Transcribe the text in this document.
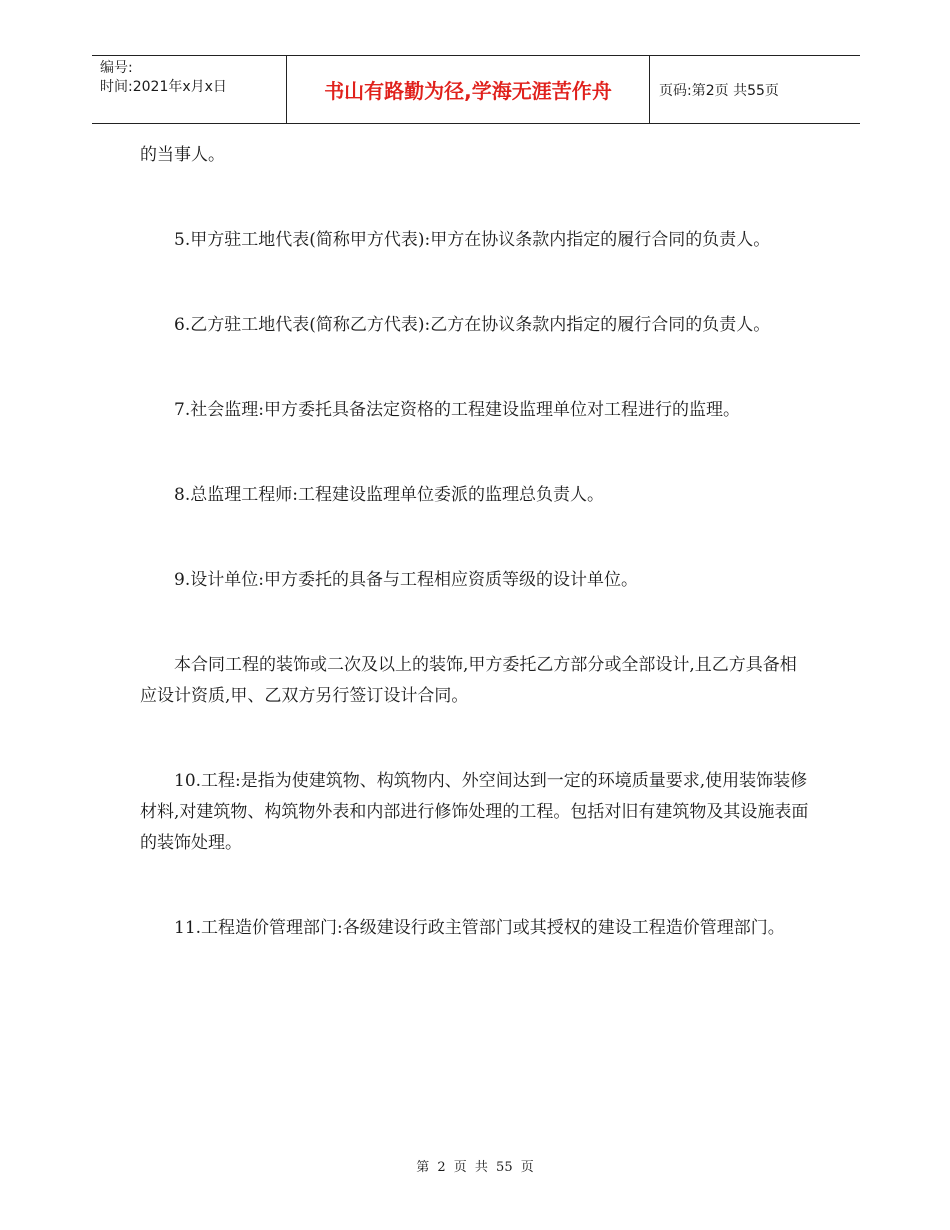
编号:
时间:2021年x月x日	书山有路勤为径,学海无涯苦作舟	页码:第2页 共55页

的当事人。

5.甲方驻工地代表(简称甲方代表):甲方在协议条款内指定的履行合同的负责人。

6.乙方驻工地代表(简称乙方代表):乙方在协议条款内指定的履行合同的负责人。

7.社会监理:甲方委托具备法定资格的工程建设监理单位对工程进行的监理。

8.总监理工程师:工程建设监理单位委派的监理总负责人。

9.设计单位:甲方委托的具备与工程相应资质等级的设计单位。

本合同工程的装饰或二次及以上的装饰,甲方委托乙方部分或全部设计,且乙方具备相应设计资质,甲、乙双方另行签订设计合同。

10.工程:是指为使建筑物、构筑物内、外空间达到一定的环境质量要求,使用装饰装修材料,对建筑物、构筑物外表和内部进行修饰处理的工程。包括对旧有建筑物及其设施表面的装饰处理。

11.工程造价管理部门:各级建设行政主管部门或其授权的建设工程造价管理部门。

第 2 页 共 55 页
